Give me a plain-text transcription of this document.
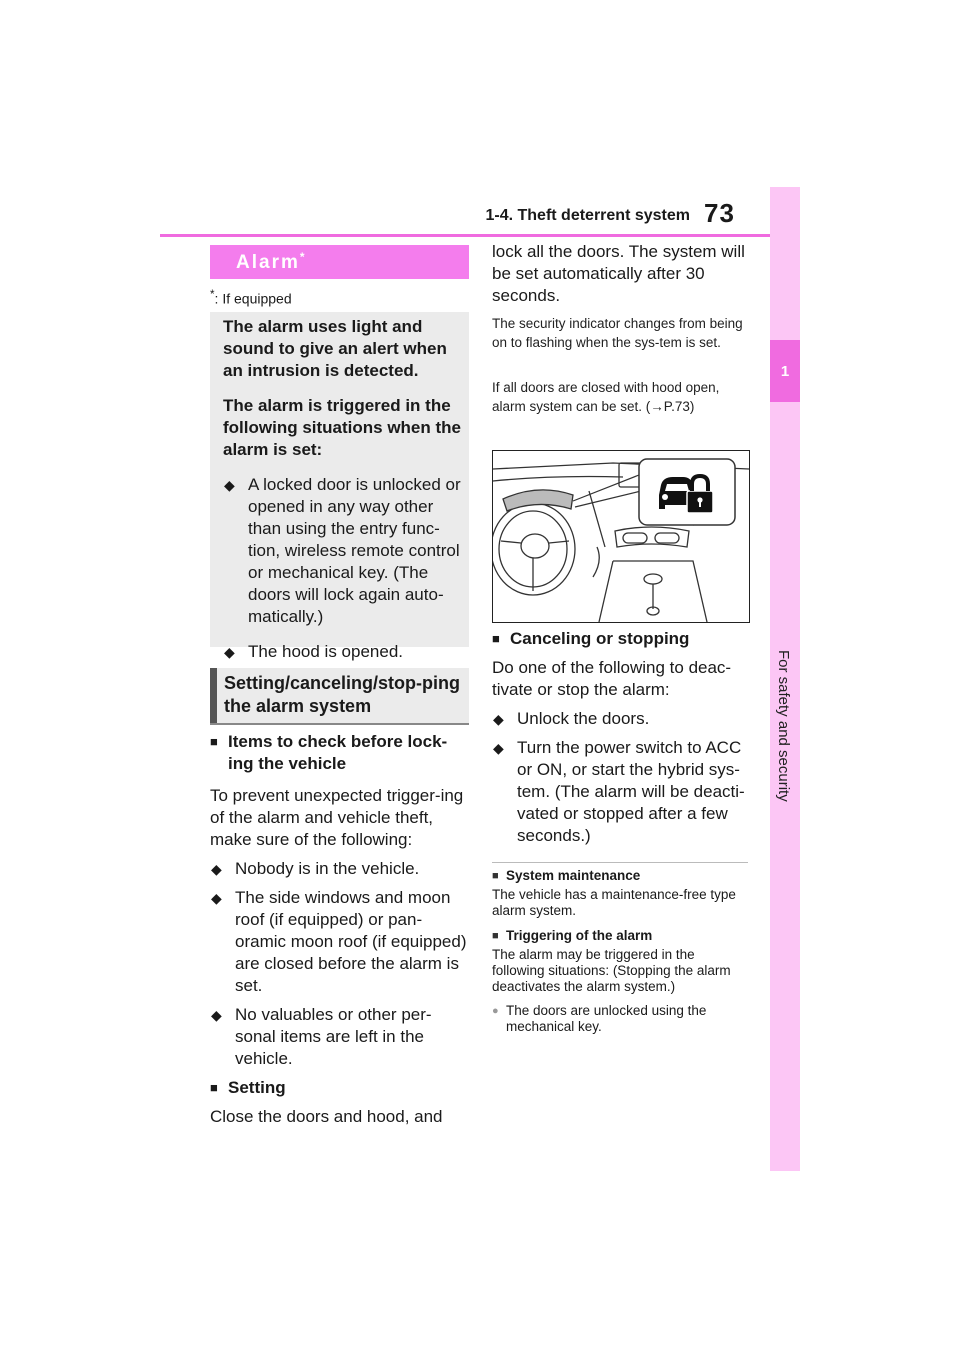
1-4. Theft deterrent system 73
1
For safety and security
Alarm*
*: If equipped

The alarm uses light and sound to give an alert when an intrusion is detected.

The alarm is triggered in the following situations when the alarm is set:

◆ A locked door is unlocked or opened in any way other than using the entry func-tion, wireless remote control or mechanical key. (The doors will lock again auto-matically.)
◆ The hood is opened.
Setting/canceling/stop-ping the alarm system
■ Items to check before lock-ing the vehicle
To prevent unexpected trigger-ing of the alarm and vehicle theft, make sure of the following:
◆ Nobody is in the vehicle.
◆ The side windows and moon roof (if equipped) or pan-oramic moon roof (if equipped) are closed before the alarm is set.
◆ No valuables or other per-sonal items are left in the vehicle.
■ Setting
Close the doors and hood, and
lock all the doors. The system will be set automatically after 30 seconds.
The security indicator changes from being on to flashing when the sys-tem is set.
If all doors are closed with hood open, alarm system can be set. (→P.73)
■ Canceling or stopping
Do one of the following to deac-tivate or stop the alarm:
◆ Unlock the doors.
◆ Turn the power switch to ACC or ON, or start the hybrid sys-tem. (The alarm will be deacti-vated or stopped after a few seconds.)
■ System maintenance
The vehicle has a maintenance-free type alarm system.
■ Triggering of the alarm
The alarm may be triggered in the following situations: (Stopping the alarm deactivates the alarm system.)
● The doors are unlocked using the mechanical key.
